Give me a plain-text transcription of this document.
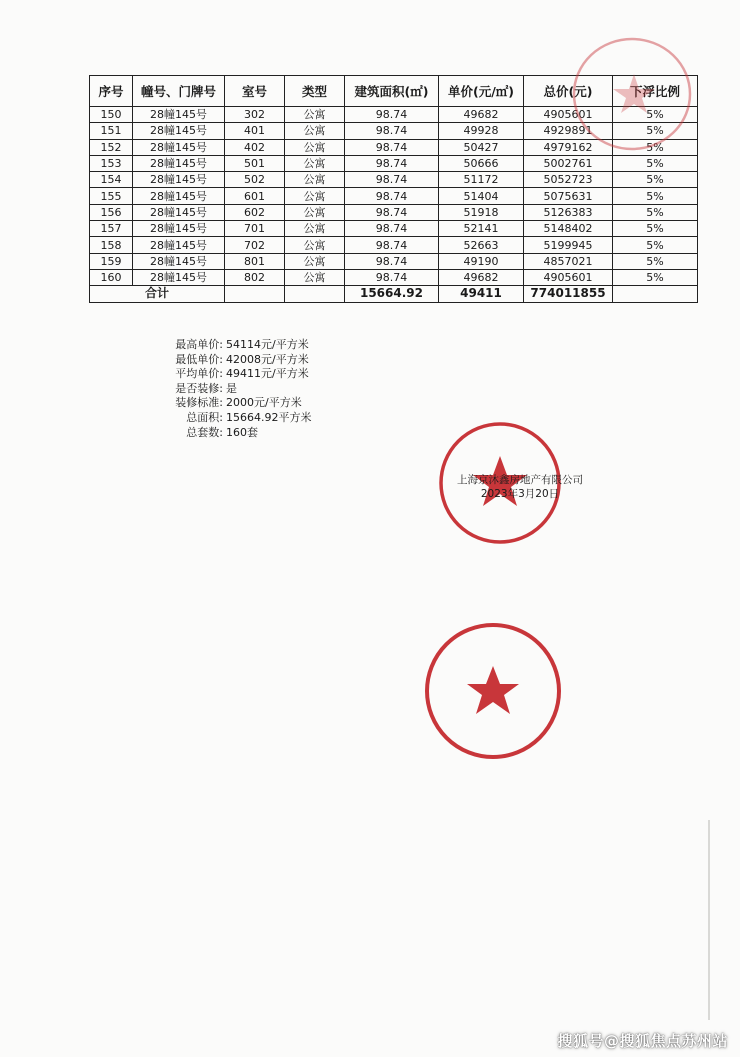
序号	幢号、门牌号	室号	类型	建筑面积(㎡)	单价(元/㎡)	总价(元)	下浮比例
150	28幢145号	302	公寓	98.74	49682	4905601	5%
151	28幢145号	401	公寓	98.74	49928	4929891	5%
152	28幢145号	402	公寓	98.74	50427	4979162	5%
153	28幢145号	501	公寓	98.74	50666	5002761	5%
154	28幢145号	502	公寓	98.74	51172	5052723	5%
155	28幢145号	601	公寓	98.74	51404	5075631	5%
156	28幢145号	602	公寓	98.74	51918	5126383	5%
157	28幢145号	701	公寓	98.74	52141	5148402	5%
158	28幢145号	702	公寓	98.74	52663	5199945	5%
159	28幢145号	801	公寓	98.74	49190	4857021	5%
160	28幢145号	802	公寓	98.74	49682	4905601	5%
合计				15664.92	49411	774011855	
最高单价: 54114元/平方米
最低单价: 42008元/平方米
平均单价: 49411元/平方米
是否装修: 是
装修标准: 2000元/平方米
总面积: 15664.92平方米
总套数: 160套
上海京沐鑫房地产有限公司
2023年3月20日
搜狐号@搜狐焦点苏州站
